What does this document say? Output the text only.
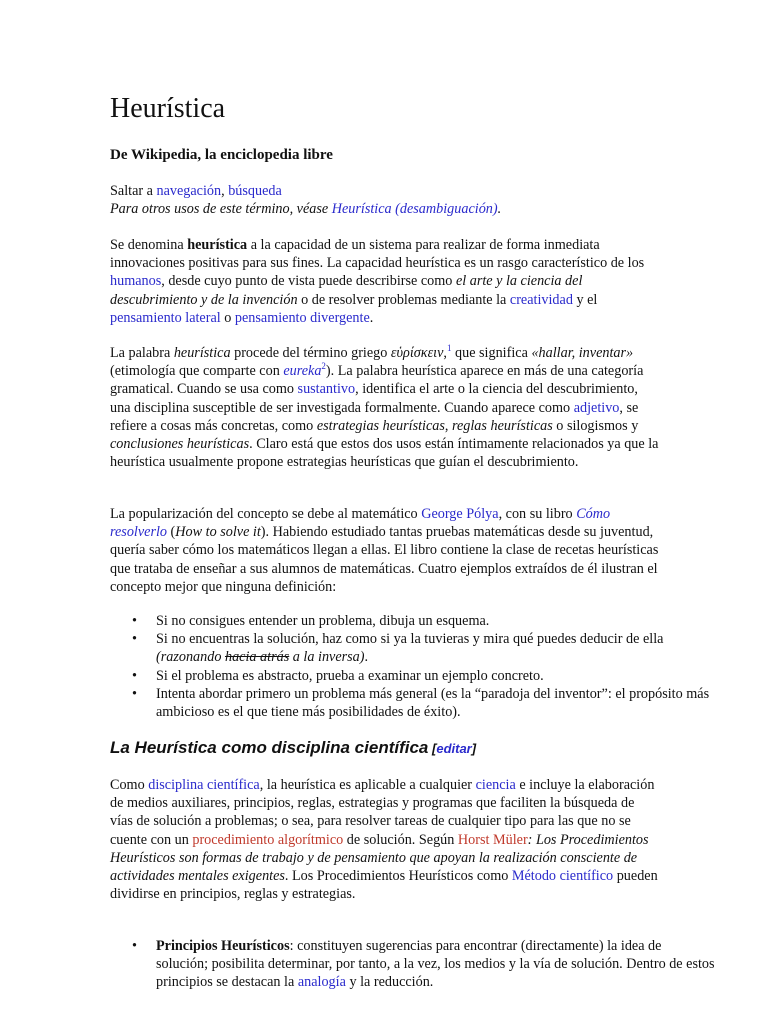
Heurística

De Wikipedia, la enciclopedia libre

Saltar a navegación, búsqueda

Para otros usos de este término, véase Heurística (desambiguación).

Se denomina heurística a la capacidad de un sistema para realizar de forma inmediata innovaciones positivas para sus fines. La capacidad heurística es un rasgo característico de los humanos, desde cuyo punto de vista puede describirse como el arte y la ciencia del descubrimiento y de la invención o de resolver problemas mediante la creatividad y el pensamiento lateral o pensamiento divergente.

La palabra heurística procede del término griego εὑρίσκειν,$^1$ que significa «hallar, inventar» (etimología que comparte con eureka$^2$). La palabra heurística aparece en más de una categoría gramatical. Cuando se usa como sustantivo, identifica el arte o la ciencia del descubrimiento, una disciplina susceptible de ser investigada formalmente. Cuando aparece como adjetivo, se refiere a cosas más concretas, como estrategias heurísticas, reglas heurísticas o silogismos y conclusiones heurísticas. Claro está que estos dos usos están íntimamente relacionados ya que la heurística usualmente propone estrategias heurísticas que guían el descubrimiento.

La popularización del concepto se debe al matemático George Pólya, con su libro Cómo resolverlo (How to solve it). Habiendo estudiado tantas pruebas matemáticas desde su juventud, quería saber cómo los matemáticos llegan a ellas. El libro contiene la clase de recetas heurísticas que trataba de enseñar a sus alumnos de matemáticas. Cuatro ejemplos extraídos de él ilustran el concepto mejor que ninguna definición:

• Si no consigues entender un problema, dibuja un esquema.
• Si no encuentras la solución, haz como si ya la tuvieras y mira qué puedes deducir de ella (razonando hacia atrás a la inversa).
• Si el problema es abstracto, prueba a examinar un ejemplo concreto.
• Intenta abordar primero un problema más general (es la “paradoja del inventor”: el propósito más ambicioso es el que tiene más posibilidades de éxito).
La Heurística como disciplina científica [editar]

Como disciplina científica, la heurística es aplicable a cualquier ciencia e incluye la elaboración de medios auxiliares, principios, reglas, estrategias y programas que faciliten la búsqueda de vías de solución a problemas; o sea, para resolver tareas de cualquier tipo para las que no se cuente con un procedimiento algorítmico de solución. Según Horst Müler: Los Procedimientos Heurísticos son formas de trabajo y de pensamiento que apoyan la realización consciente de actividades mentales exigentes. Los Procedimientos Heurísticos como Método científico pueden dividirse en principios, reglas y estrategias.

• Principios Heurísticos: constituyen sugerencias para encontrar (directamente) la idea de solución; posibilita determinar, por tanto, a la vez, los medios y la vía de solución. Dentro de estos principios se destacan la analogía y la reducción.
